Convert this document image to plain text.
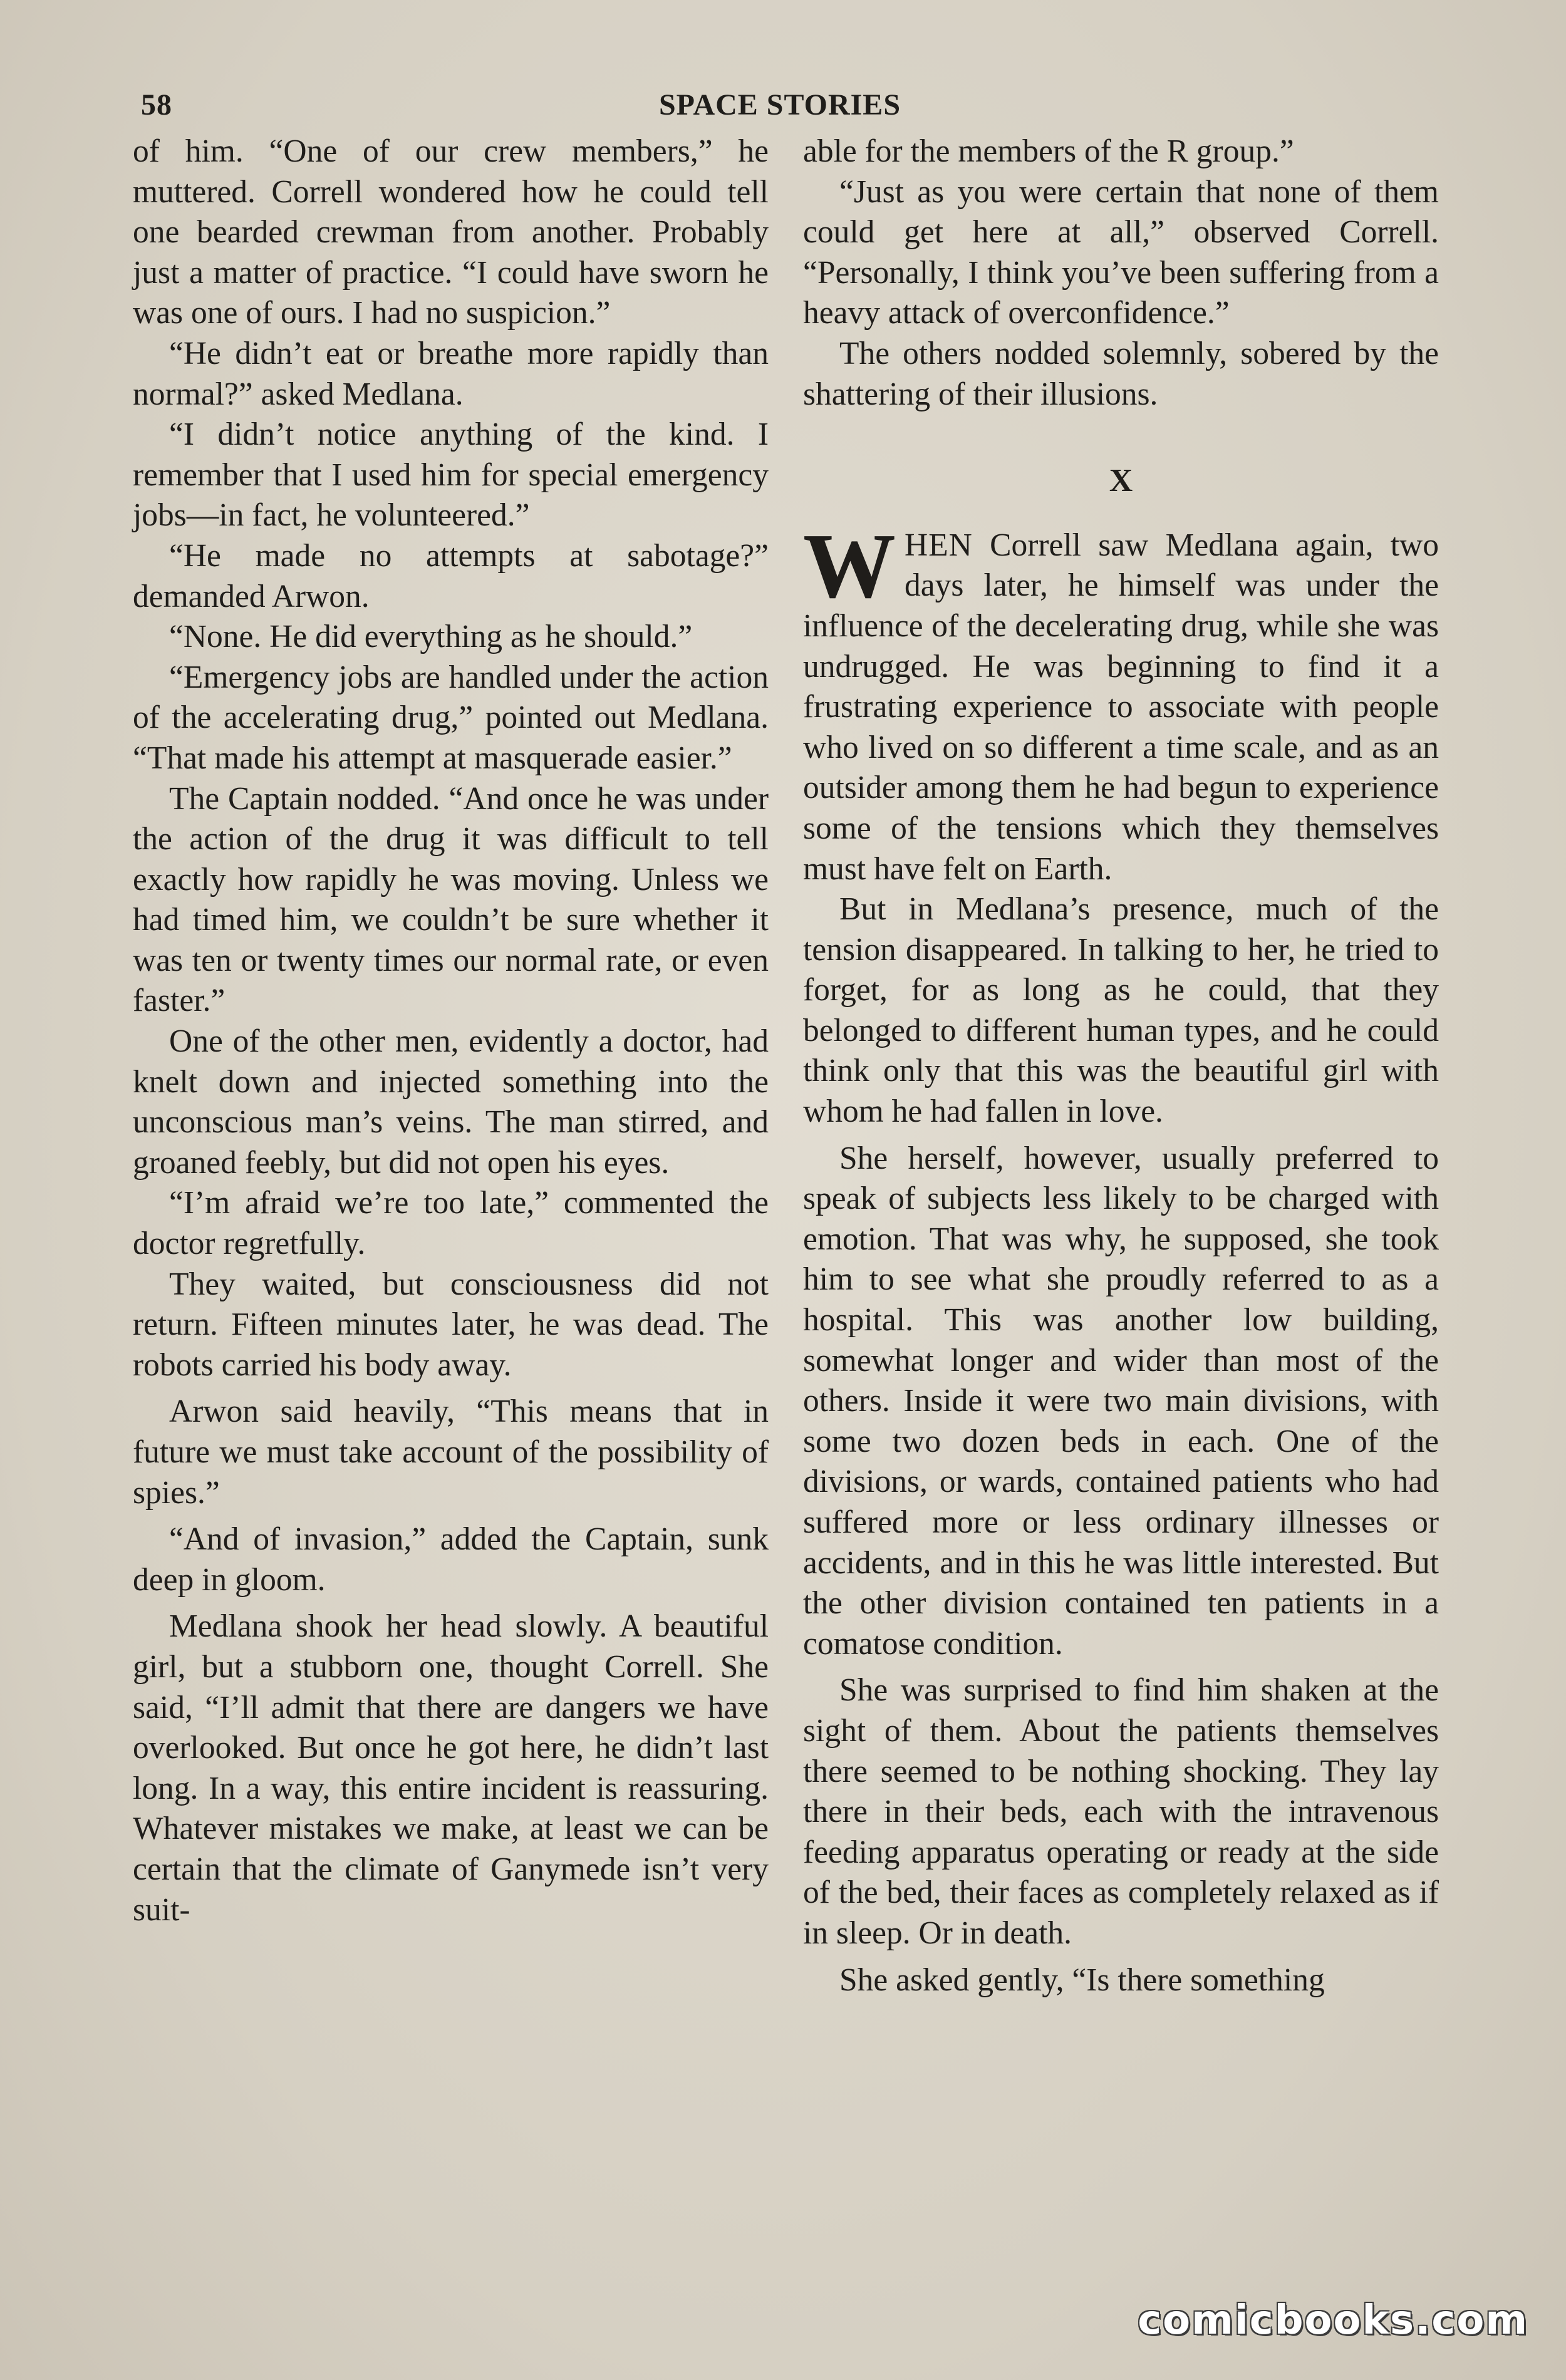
58	SPACE STORIES

of him. “One of our crew members,” he muttered. Correll wondered how he could tell one bearded crewman from another. Probably just a matter of practice. “I could have sworn he was one of ours. I had no suspicion.”

“He didn’t eat or breathe more rapidly than normal?” asked Medlana.

“I didn’t notice anything of the kind. I remember that I used him for special emergency jobs—in fact, he volunteered.”

“He made no attempts at sabotage?” demanded Arwon.

“None. He did everything as he should.”

“Emergency jobs are handled under the action of the accelerating drug,” pointed out Medlana. “That made his attempt at masquerade easier.”

The Captain nodded. “And once he was under the action of the drug it was difficult to tell exactly how rapidly he was moving. Unless we had timed him, we couldn’t be sure whether it was ten or twenty times our normal rate, or even faster.”

One of the other men, evidently a doctor, had knelt down and injected something into the unconscious man’s veins. The man stirred, and groaned feebly, but did not open his eyes.

“I’m afraid we’re too late,” commented the doctor regretfully.

They waited, but consciousness did not return. Fifteen minutes later, he was dead. The robots carried his body away.

Arwon said heavily, “This means that in future we must take account of the possibility of spies.”

“And of invasion,” added the Captain, sunk deep in gloom.

Medlana shook her head slowly. A beautiful girl, but a stubborn one, thought Correll. She said, “I’ll admit that there are dangers we have overlooked. But once he got here, he didn’t last long. In a way, this entire incident is reassuring. Whatever mistakes we make, at least we can be certain that the climate of Ganymede isn’t very suit-

able for the members of the R group.”

“Just as you were certain that none of them could get here at all,” observed Correll. “Personally, I think you’ve been suffering from a heavy attack of overconfidence.”

The others nodded solemnly, sobered by the shattering of their illusions.

X

WHEN Correll saw Medlana again, two days later, he himself was under the influence of the decelerating drug, while she was undrugged. He was beginning to find it a frustrating experience to associate with people who lived on so different a time scale, and as an outsider among them he had begun to experience some of the tensions which they themselves must have felt on Earth.

But in Medlana’s presence, much of the tension disappeared. In talking to her, he tried to forget, for as long as he could, that they belonged to different human types, and he could think only that this was the beautiful girl with whom he had fallen in love.

She herself, however, usually preferred to speak of subjects less likely to be charged with emotion. That was why, he supposed, she took him to see what she proudly referred to as a hospital. This was another low building, somewhat longer and wider than most of the others. Inside it were two main divisions, with some two dozen beds in each. One of the divisions, or wards, contained patients who had suffered more or less ordinary illnesses or accidents, and in this he was little interested. But the other division contained ten patients in a comatose condition.

She was surprised to find him shaken at the sight of them. About the patients themselves there seemed to be nothing shocking. They lay there in their beds, each with the intravenous feeding apparatus operating or ready at the side of the bed, their faces as completely relaxed as if in sleep. Or in death.

She asked gently, “Is there something

comicbooks.com
